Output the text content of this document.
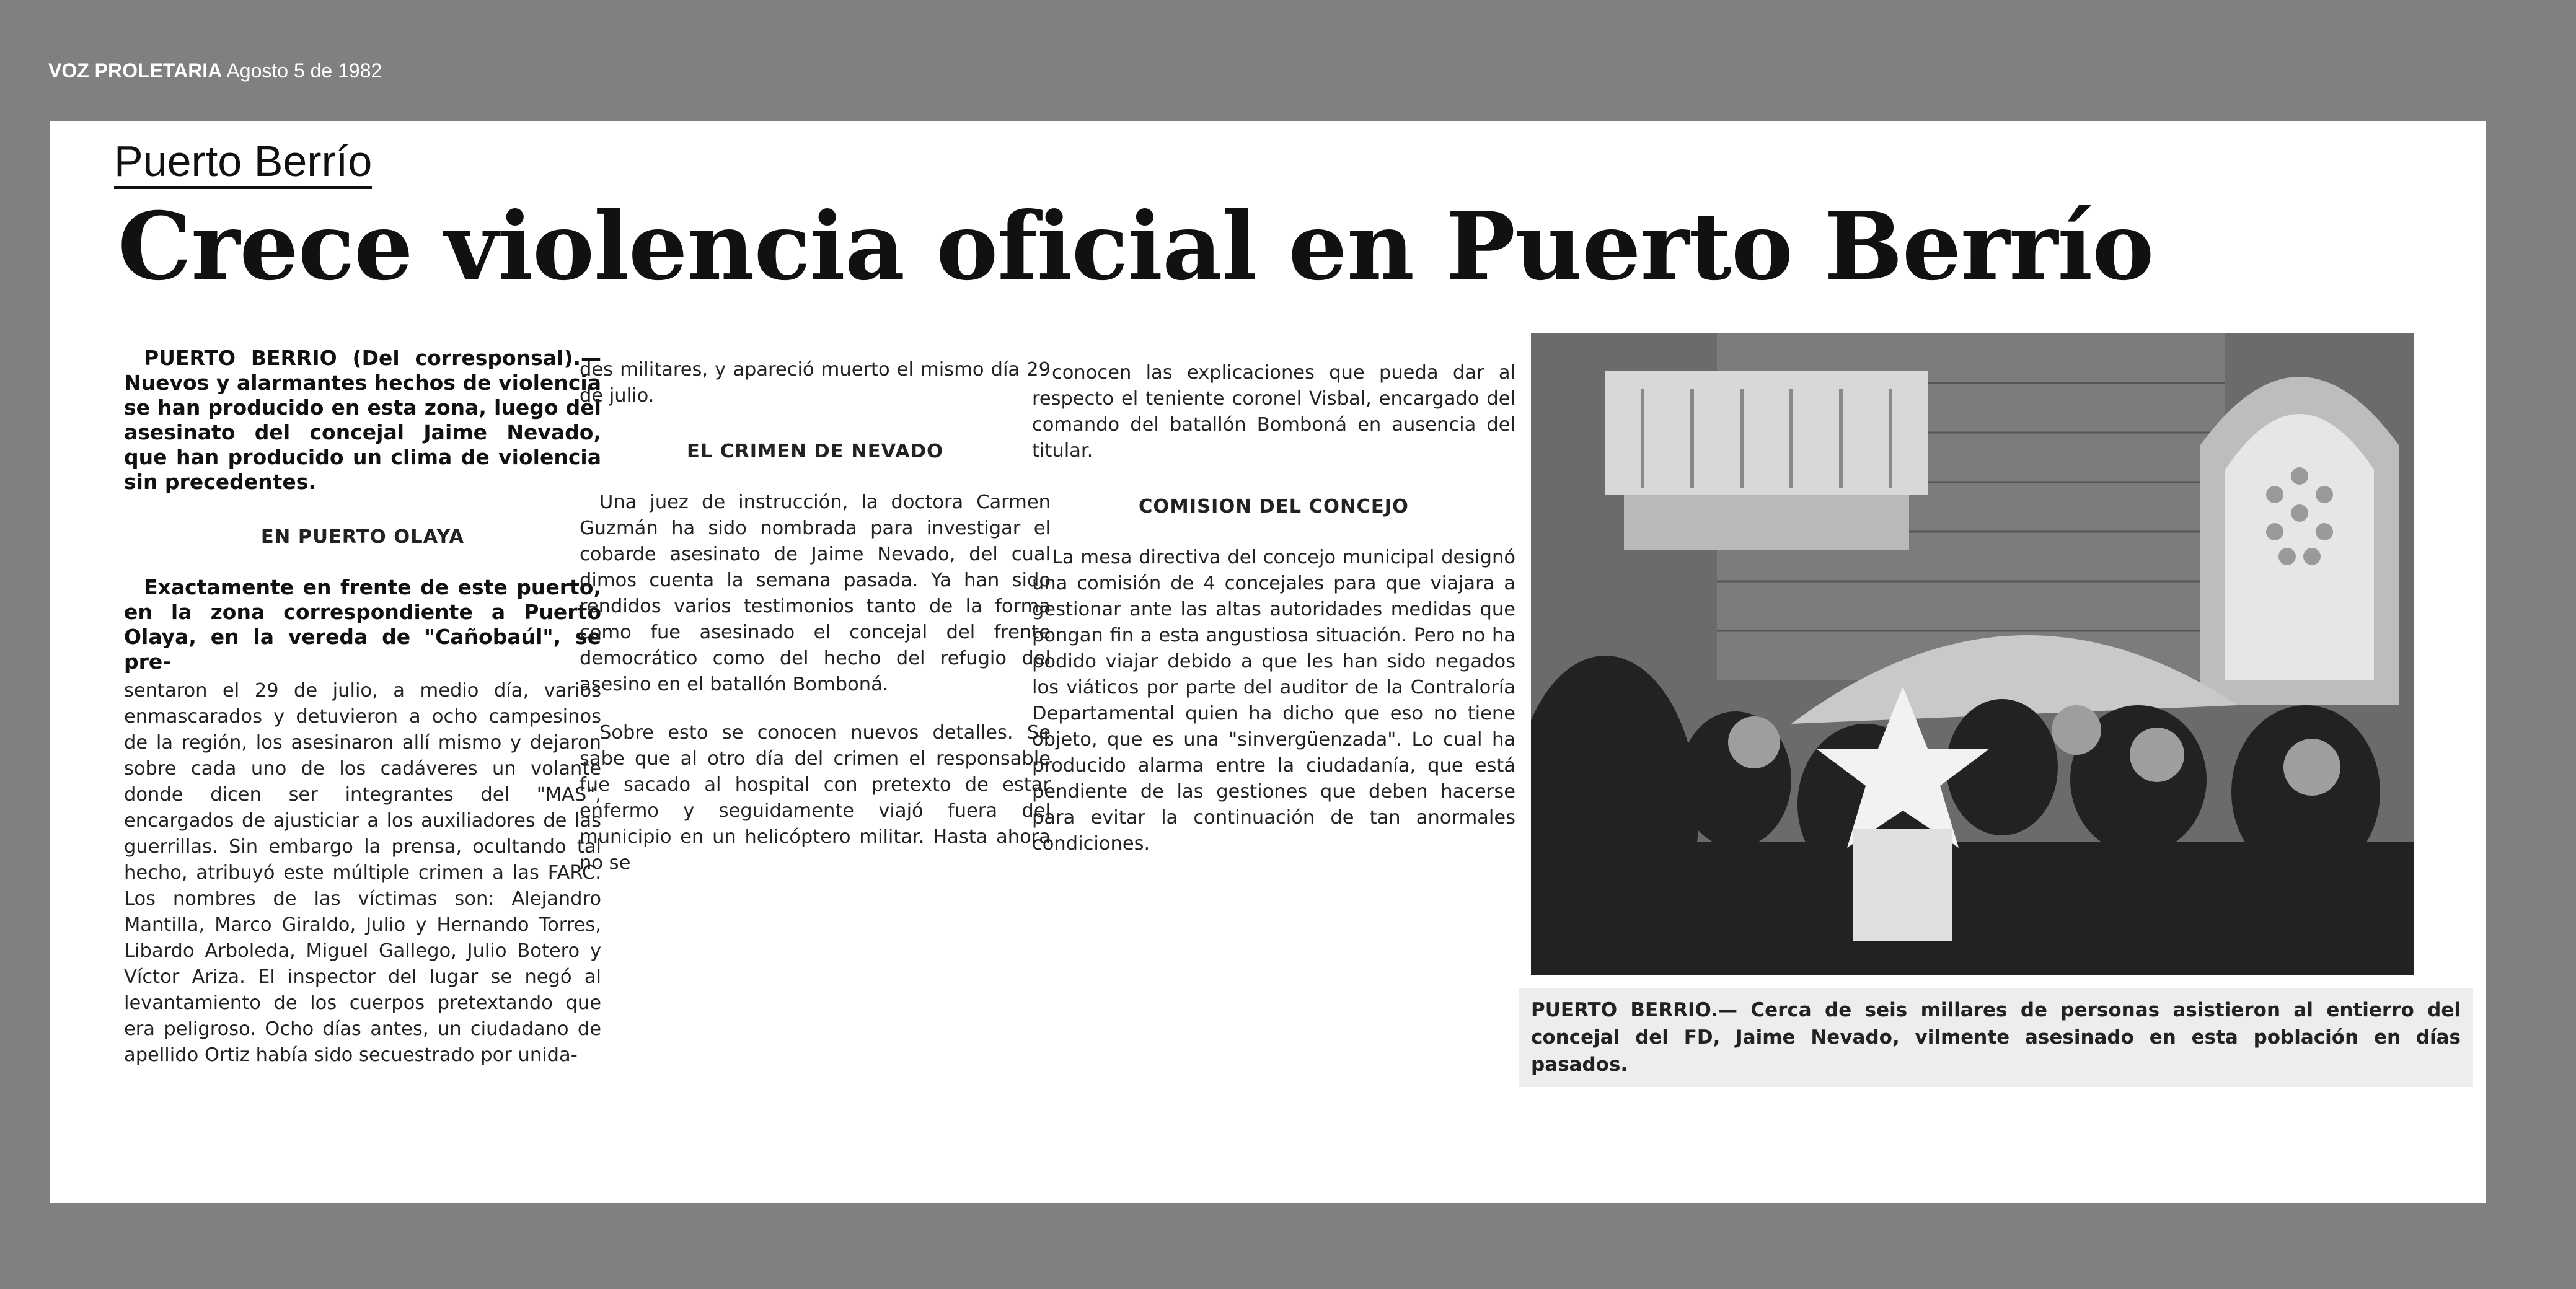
VOZ PROLETARIA Agosto 5 de 1982
Puerto Berrío
Crece violencia oficial en Puerto Berrío

PUERTO BERRIO (Del corresponsal).— Nuevos y alarmantes hechos de violencia se han producido en esta zona, luego del asesinato del concejal Jaime Nevado, que han producido un clima de violencia sin precedentes.

EN PUERTO OLAYA

Exactamente en frente de este puerto, en la zona correspondiente a Puerto Olaya, en la vereda de "Cañobaúl", se pre-

sentaron el 29 de julio, a medio día, varios enmascarados y detuvieron a ocho campesinos de la región, los asesinaron allí mismo y dejaron sobre cada uno de los cadáveres un volante donde dicen ser integrantes del "MAS", encargados de ajusticiar a los auxiliadores de las guerrillas. Sin embargo la prensa, ocultando tal hecho, atribuyó este múltiple crimen a las FARC. Los nombres de las víctimas son: Alejandro Mantilla, Marco Giraldo, Julio y Hernando Torres, Libardo Arboleda, Miguel Gallego, Julio Botero y Víctor Ariza. El inspector del lugar se negó al levantamiento de los cuerpos pretextando que era peligroso. Ocho días antes, un ciudadano de apellido Ortiz había sido secuestrado por unida-

des militares, y apareció muerto el mismo día 29 de julio.

EL CRIMEN DE NEVADO

Una juez de instrucción, la doctora Carmen Guzmán ha sido nombrada para investigar el cobarde asesinato de Jaime Nevado, del cual dimos cuenta la semana pasada. Ya han sido rendidos varios testimonios tanto de la forma como fue asesinado el concejal del frente democrático como del hecho del refugio del asesino en el batallón Bomboná.

Sobre esto se conocen nuevos detalles. Se sabe que al otro día del crimen el responsable fue sacado al hospital con pretexto de estar enfermo y seguidamente viajó fuera del municipio en un helicóptero militar. Hasta ahora no se

conocen las explicaciones que pueda dar al respecto el teniente coronel Visbal, encargado del comando del batallón Bomboná en ausencia del titular.

COMISION DEL CONCEJO

La mesa directiva del concejo municipal designó una comisión de 4 concejales para que viajara a gestionar ante las altas autoridades medidas que pongan fin a esta angustiosa situación. Pero no ha podido viajar debido a que les han sido negados los viáticos por parte del auditor de la Contraloría Departamental quien ha dicho que eso no tiene objeto, que es una "sinvergüenzada". Lo cual ha producido alarma entre la ciudadanía, que está pendiente de las gestiones que deben hacerse para evitar la continuación de tan anormales condiciones.

PUERTO BERRIO.— Cerca de seis millares de personas asistieron al entierro del concejal del FD, Jaime Nevado, vilmente asesinado en esta población en días pasados.
